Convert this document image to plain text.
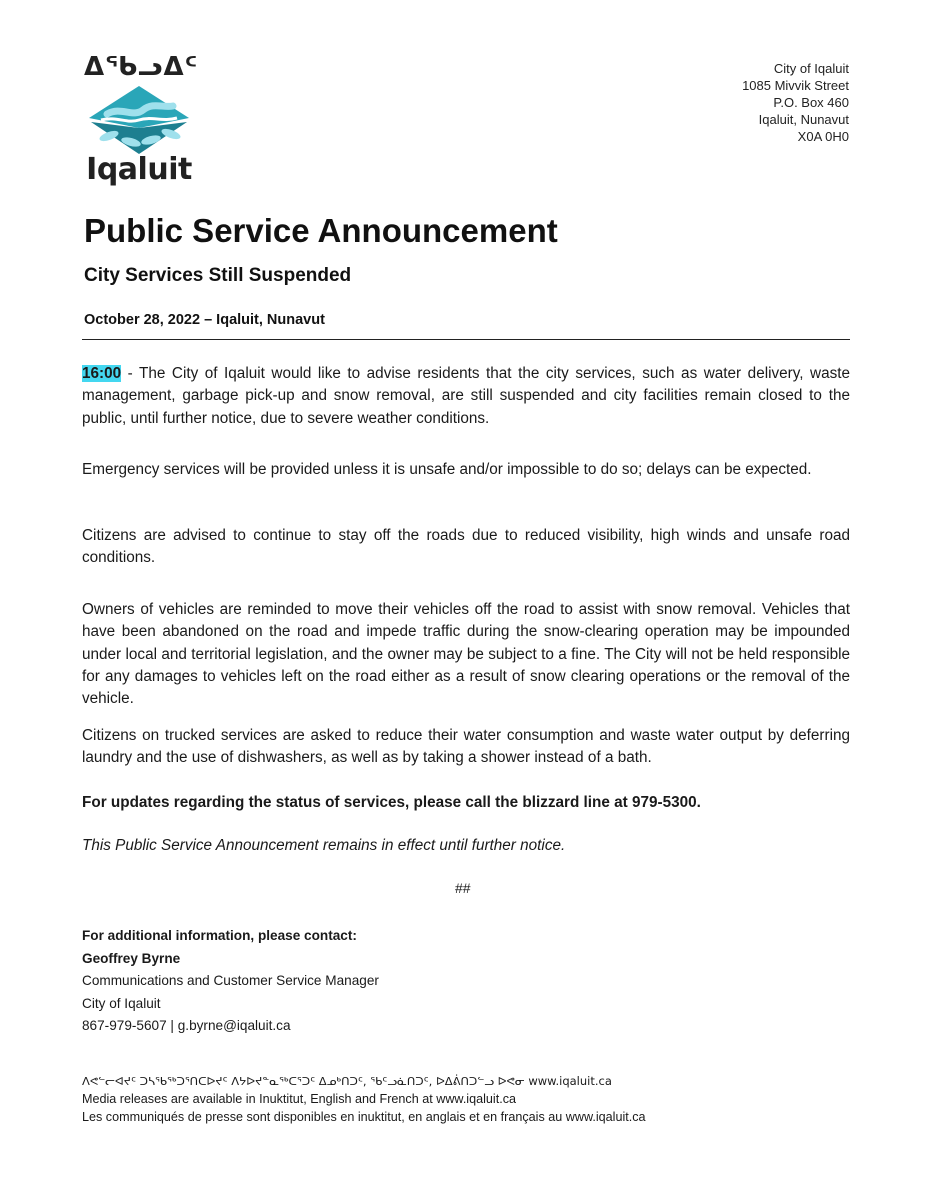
ᐃᖃᓗᐃᑦ
Iqaluit
City of Iqaluit
1085 Mivvik Street
P.O. Box 460
Iqaluit, Nunavut
X0A 0H0
Public Service Announcement
City Services Still Suspended
October 28, 2022 – Iqaluit, Nunavut
16:00 - The City of Iqaluit would like to advise residents that the city services, such as water delivery, waste management, garbage pick-up and snow removal, are still suspended and city facilities remain closed to the public, until further notice, due to severe weather conditions.
Emergency services will be provided unless it is unsafe and/or impossible to do so; delays can be expected.
Citizens are advised to continue to stay off the roads due to reduced visibility, high winds and unsafe road conditions.
Owners of vehicles are reminded to move their vehicles off the road to assist with snow removal. Vehicles that have been abandoned on the road and impede traffic during the snow-clearing operation may be impounded under local and territorial legislation, and the owner may be subject to a fine. The City will not be held responsible for any damages to vehicles left on the road either as a result of snow clearing operations or the removal of the vehicle.
Citizens on trucked services are asked to reduce their water consumption and waste water output by deferring laundry and the use of dishwashers, as well as by taking a shower instead of a bath.
For updates regarding the status of services, please call the blizzard line at 979-5300.
This Public Service Announcement remains in effect until further notice.
##
For additional information, please contact:
Geoffrey Byrne
Communications and Customer Service Manager
City of Iqaluit
867-979-5607 | g.byrne@iqaluit.ca
ᐱᕙᓪᓕᐊᔪᑦ ᑐᓴᕐᑲᖅᑐᕐᑎᑕᐅᔪᑦ ᐱᔭᐅᔪᓐᓇᖅᑕᕐᑐᑦ ᐃᓄᒃᑎᑐᑦ, ᖃᑦᓗᓈᑎᑐᑦ, ᐅᐃᕖᑎᑐᓪᓗ ᐅᕙᓂ www.iqaluit.ca
Media releases are available in Inuktitut, English and French at www.iqaluit.ca
Les communiqués de presse sont disponibles en inuktitut, en anglais et en français au www.iqaluit.ca
